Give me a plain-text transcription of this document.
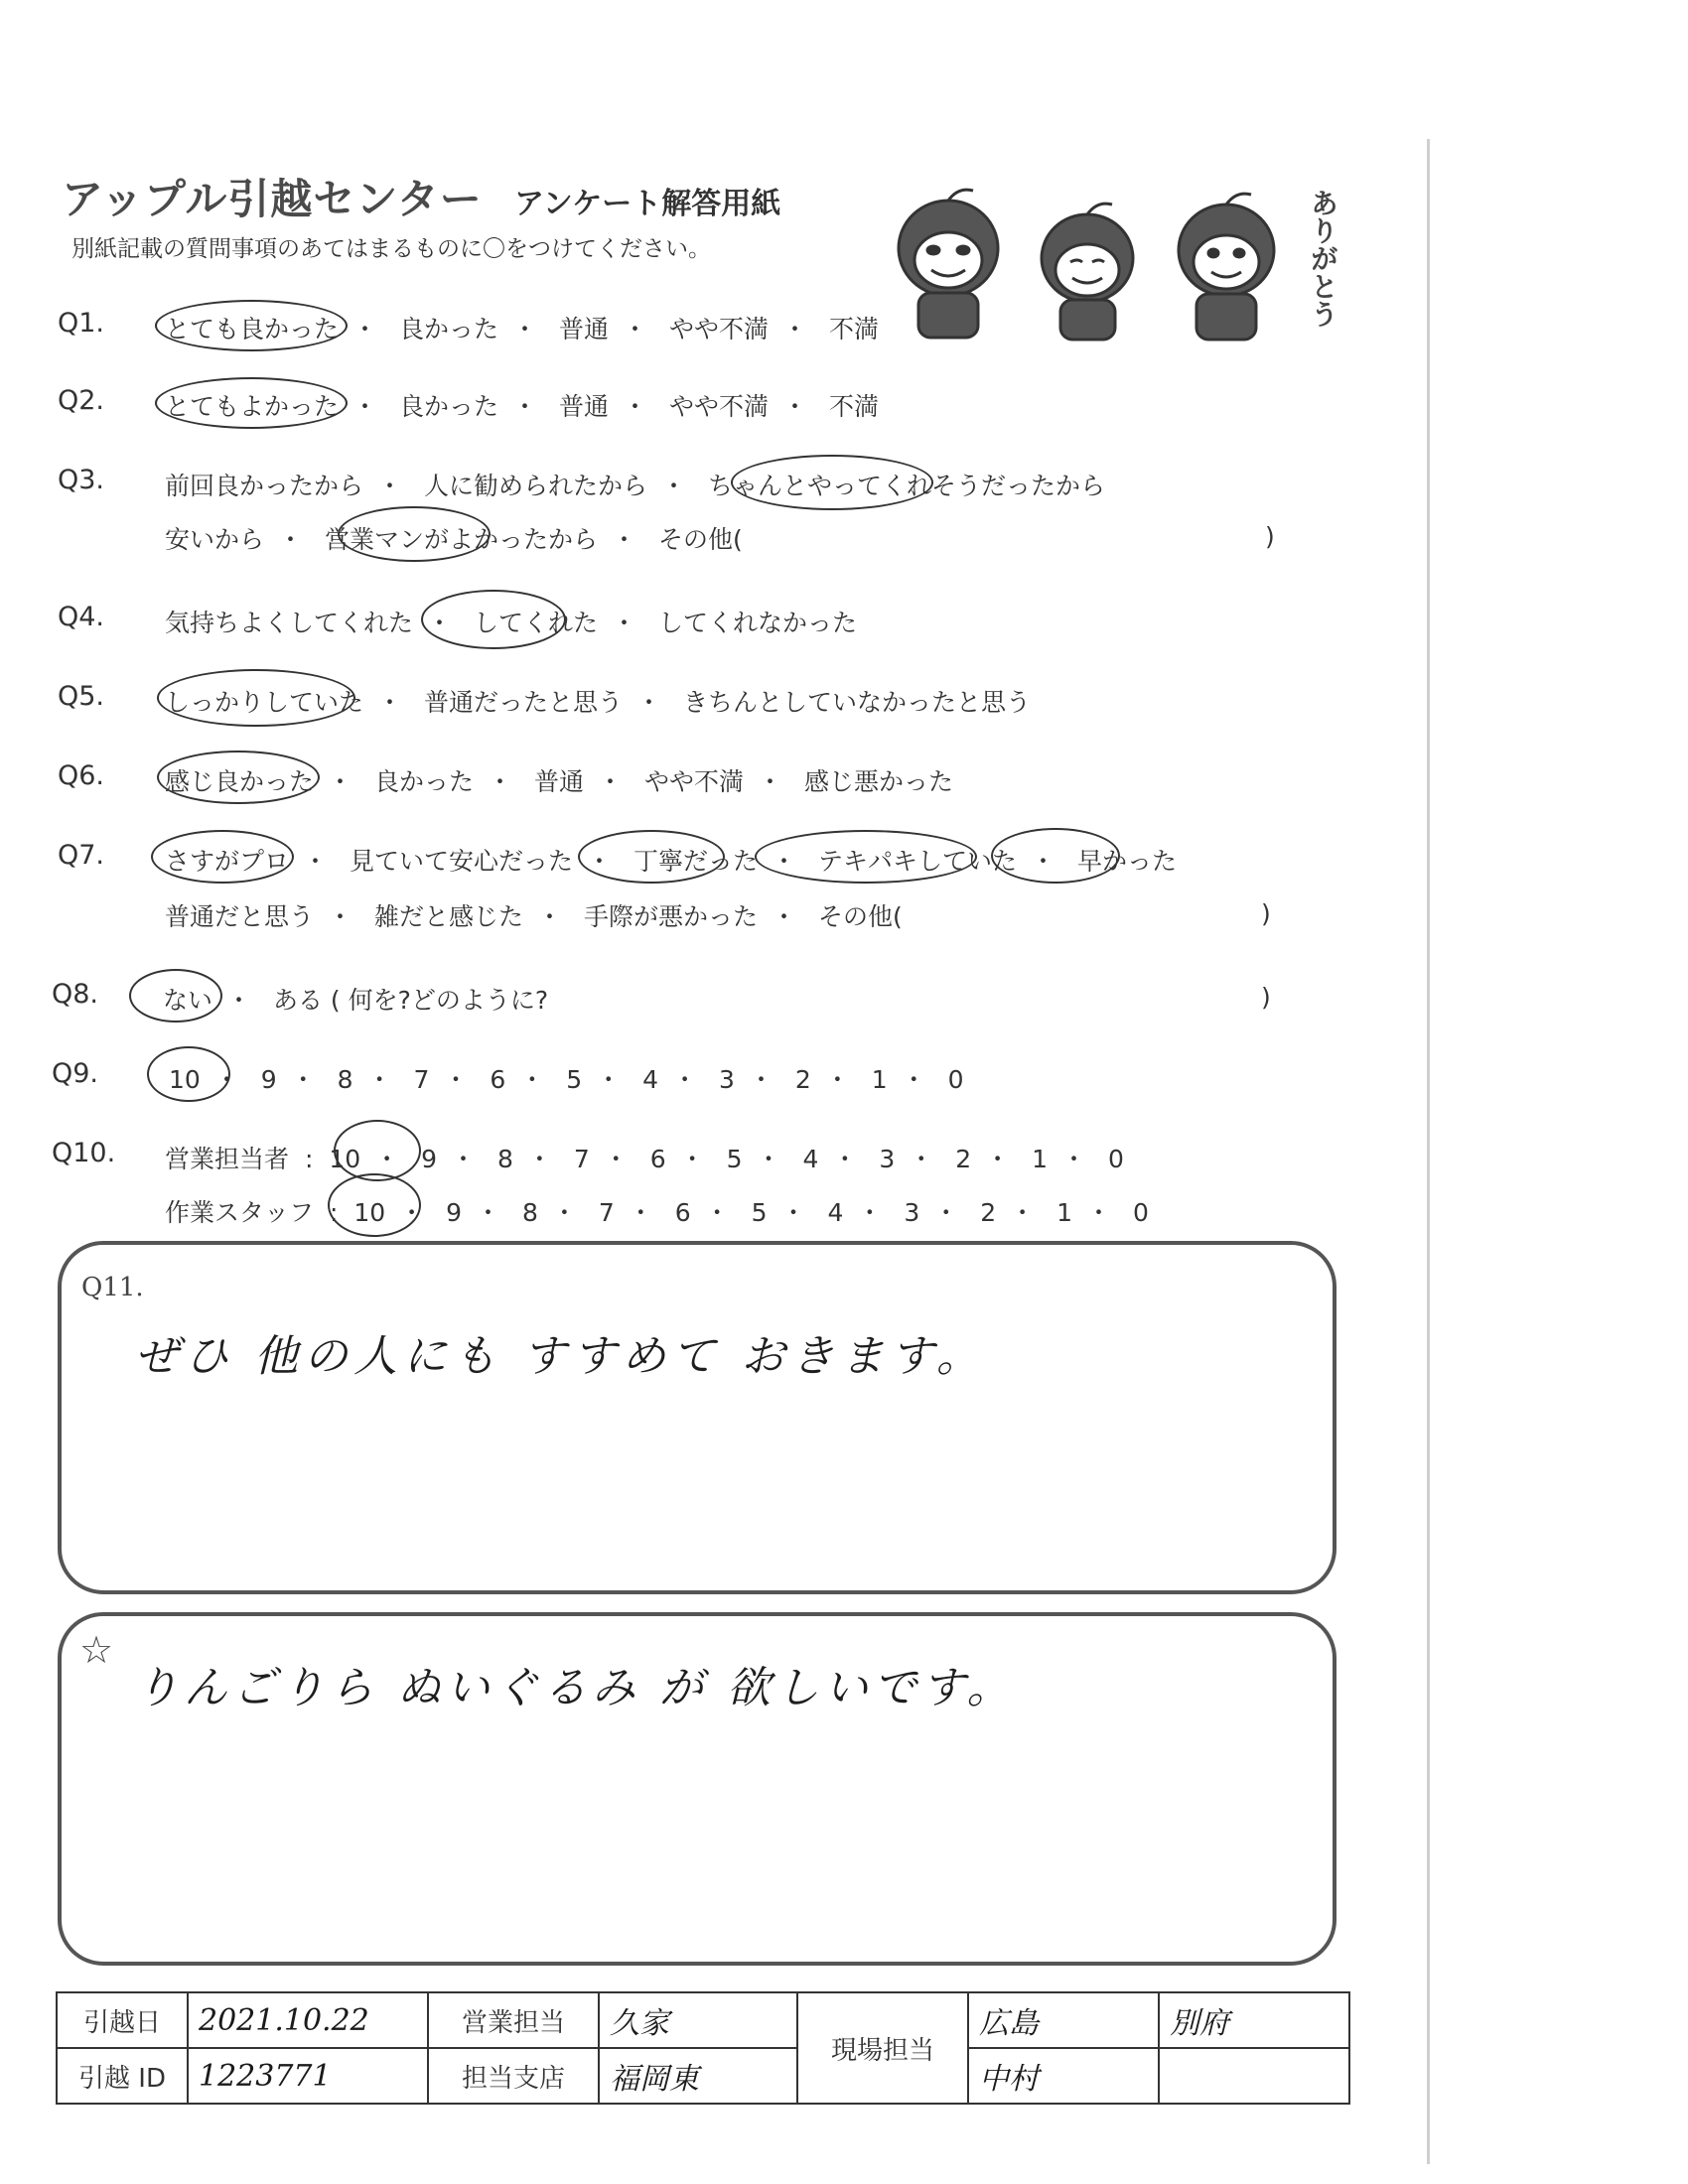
アップル引越センター アンケート解答用紙
別紙記載の質問事項のあてはまるものに〇をつけてください。	ありがとう
Q1. とても良かった ・ 良かった ・ 普通 ・ やや不満 ・ 不満
Q2. とてもよかった ・ 良かった ・ 普通 ・ やや不満 ・ 不満
Q3. 前回良かったから ・ 人に勧められたから ・ ちゃんとやってくれそうだったから
安いから ・ 営業マンがよかったから ・ その他(	)
Q4. 気持ちよくしてくれた ・ してくれた ・ してくれなかった
Q5. しっかりしていた ・ 普通だったと思う ・ きちんとしていなかったと思う
Q6. 感じ良かった ・ 良かった ・ 普通 ・ やや不満 ・ 感じ悪かった
Q7. さすがプロ ・ 見ていて安心だった ・ 丁寧だった ・ テキパキしていた ・ 早かった
普通だと思う ・ 雑だと感じた ・ 手際が悪かった ・ その他(	)
Q8.	ない ・ ある ( 何を?どのように?	)
Q9.	10 ・ 9 ・ 8 ・ 7 ・ 6 ・ 5 ・ 4 ・ 3 ・ 2 ・ 1 ・ 0
Q10. 営業担当者 : 10 ・ 9 ・ 8 ・ 7 ・ 6 ・ 5 ・ 4 ・ 3 ・ 2 ・ 1 ・ 0
作業スタッフ : 10 ・ 9 ・ 8 ・ 7 ・ 6 ・ 5 ・ 4 ・ 3 ・ 2 ・ 1 ・ 0
Q11.
ぜひ 他の人にも すすめて おきます。
☆
りんごりら ぬいぐるみ が 欲しいです。
引越日	2021.10.22	営業担当	久家	現場担当	広島	別府
引越 ID	1223771	担当支店	福岡東		中村	
